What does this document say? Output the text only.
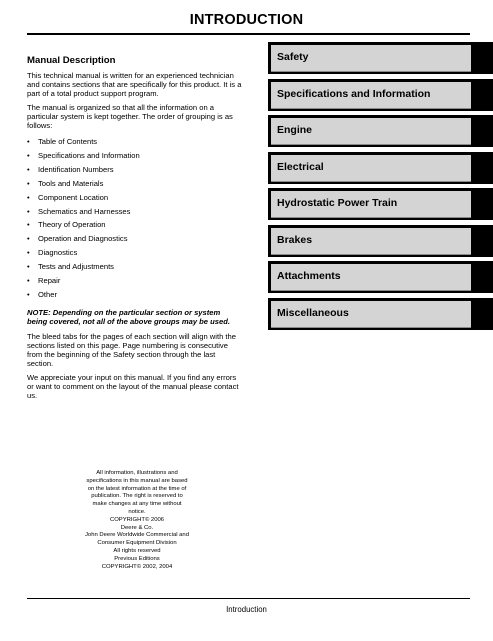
INTRODUCTION
Manual Description

This technical manual is written for an experienced technician and contains sections that are specifically for this product. It is a part of a total product support program.

The manual is organized so that all the information on a particular system is kept together. The order of grouping is as follows:

• Table of Contents
• Specifications and Information
• Identification Numbers
• Tools and Materials
• Component Location
• Schematics and Harnesses
• Theory of Operation
• Operation and Diagnostics
• Diagnostics
• Tests and Adjustments
• Repair
• Other

NOTE: Depending on the particular section or system being covered, not all of the above groups may be used.

The bleed tabs for the pages of each section will align with the sections listed on this page. Page numbering is consecutive from the beginning of the Safety section through the last section.

We appreciate your input on this manual. If you find any errors or want to comment on the layout of the manual please contact us.

All information, illustrations and
specifications in this manual are based
on the latest information at the time of
publication. The right is reserved to
make changes at any time without
notice.
COPYRIGHT© 2006
Deere & Co.
John Deere Worldwide Commercial and
Consumer Equipment Division
All rights reserved
Previous Editions
COPYRIGHT© 2002, 2004
Safety
Specifications and Information
Engine
Electrical
Hydrostatic Power Train
Brakes
Attachments
Miscellaneous
Introduction
